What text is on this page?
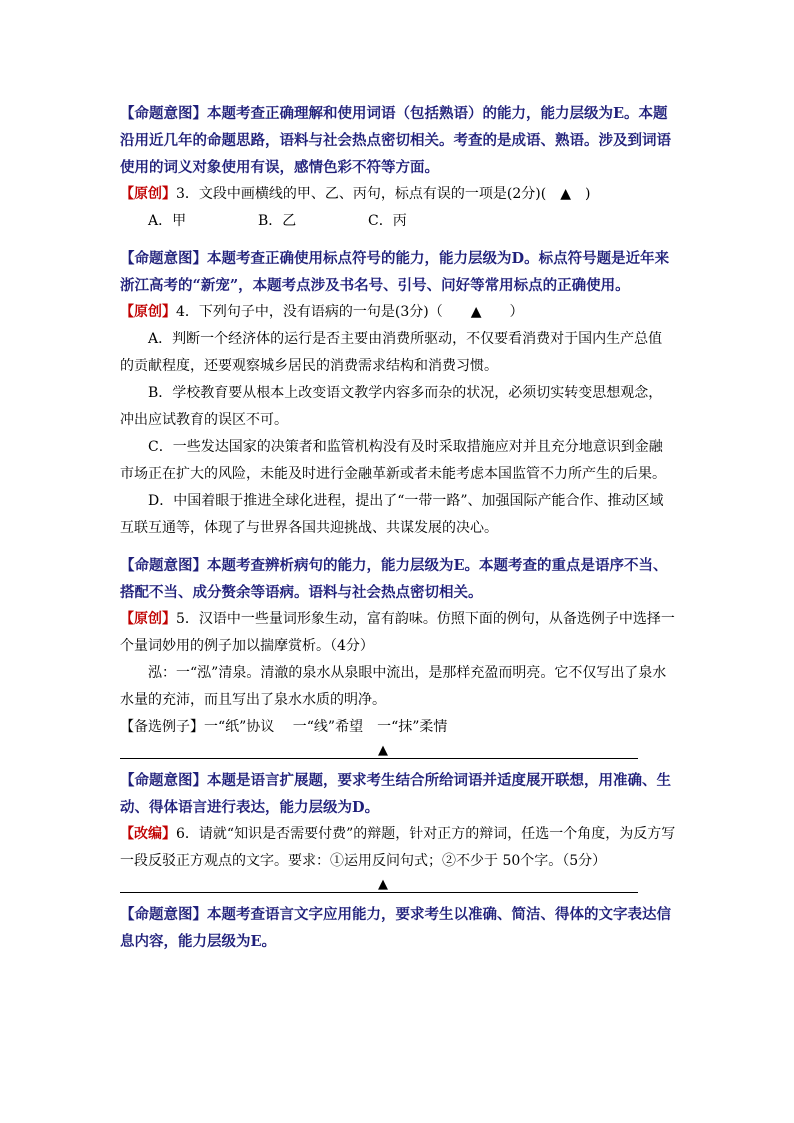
【命题意图】本题考查正确理解和使用词语（包括熟语）的能力，能力层级为E。本题沿用近几年的命题思路，语料与社会热点密切相关。考查的是成语、熟语。涉及到词语使用的词义对象使用有误，感情色彩不符等方面。
【原创】3．文段中画横线的甲、乙、丙句，标点有误的一项是(2分)(　▲　)
A．甲	B．乙	C．丙
【命题意图】本题考查正确使用标点符号的能力，能力层级为D。标点符号题是近年来浙江高考的“新宠”，本题考点涉及书名号、引号、问好等常用标点的正确使用。
【原创】4．下列句子中，没有语病的一句是(3分)（　　▲　　）

A．判断一个经济体的运行是否主要由消费所驱动，不仅要看消费对于国内生产总值的贡献程度，还要观察城乡居民的消费需求结构和消费习惯。

B．学校教育要从根本上改变语文教学内容多而杂的状况，必须切实转变思想观念，冲出应试教育的误区不可。

C．一些发达国家的决策者和监管机构没有及时采取措施应对并且充分地意识到金融市场正在扩大的风险，未能及时进行金融革新或者未能考虑本国监管不力所产生的后果。

D．中国着眼于推进全球化进程，提出了“一带一路”、加强国际产能合作、推动区域互联互通等，体现了与世界各国共迎挑战、共谋发展的决心。

【命题意图】本题考查辨析病句的能力，能力层级为E。本题考查的重点是语序不当、搭配不当、成分赘余等语病。语料与社会热点密切相关。
【原创】5．汉语中一些量词形象生动，富有韵味。仿照下面的例句，从备选例子中选择一个量词妙用的例子加以揣摩赏析。（4分）

泓：一“泓”清泉。清澈的泉水从泉眼中流出，是那样充盈而明亮。它不仅写出了泉水水量的充沛，而且写出了泉水水质的明净。

【备选例子】一“纸”协议　 一“线”希望　一“抹”柔情
▲
【命题意图】本题是语言扩展题，要求考生结合所给词语并适度展开联想，用准确、生动、得体语言进行表达，能力层级为D。
【改编】6．请就“知识是否需要付费”的辩题，针对正方的辩词，任选一个角度，为反方写一段反驳正方观点的文字。要求：①运用反问句式；②不少于 50个字。（5分）
▲
【命题意图】本题考查语言文字应用能力，要求考生以准确、简洁、得体的文字表达信息内容，能力层级为E。
